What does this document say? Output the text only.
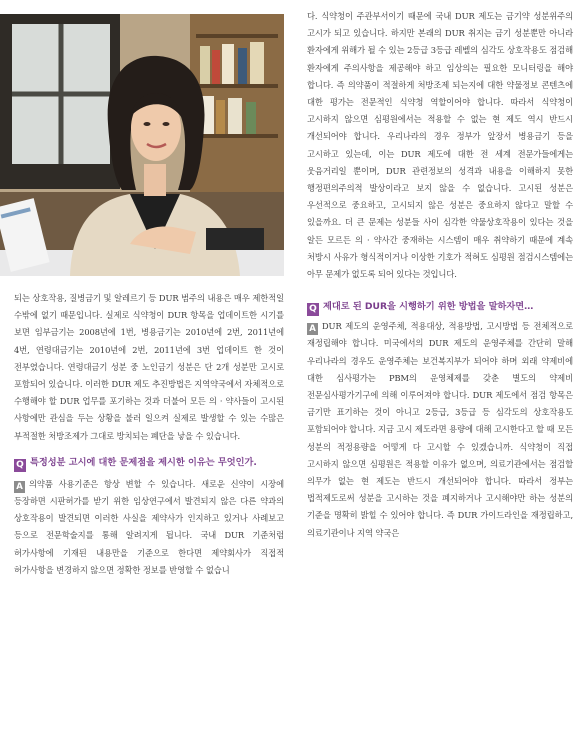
되는 상호작용, 질병금기 및 알레르기 등 DUR 범주의 내용은 매우 제한적일 수밖에 없기 때문입니다. 실제로 식약청이 DUR 항목을 업데이트한 시기를 보면 임부금기는 2008년에 1번, 병용금기는 2010년에 2번, 2011년에 4번, 연령대금기는 2010년에 2번, 2011년에 3번 업데이트 한 것이 전부였습니다. 연령대금기 성분 중 노인금기 성분은 단 2개 성분만 고시로 포함되어 있습니다. 이러한 DUR 제도 추진방법은 지역약국에서 자체적으로 수행해야 할 DUR 업무를 포기하는 것과 더불어 모든 의 · 약사들이 고시된 사항에만 관심을 두는 상황을 불러 일으켜 실제로 발생할 수 있는 수많은 부적절한 처방조제가 그대로 방치되는 폐단을 낳을 수 있습니다.

Q 특정성분 고시에 대한 문제점을 제시한 이유는 무엇인가.

A 의약품 사용기준은 항상 변할 수 있습니다. 새로운 신약이 시장에 등장하면 시판허가를 받기 위한 임상연구에서 발견되지 않은 다른 약과의 상호작용이 발견되면 이러한 사실을 제약사가 인지하고 있거나 사례보고 등으로 전문학술지를 통해 알려지게 됩니다. 국내 DUR 기준처럼 허가사항에 기재된 내용만을 기준으로 한다면 제약회사가 직접적 허가사항을 변경하지 않으면 정확한 정보를 반영할 수 없습니

다. 식약청이 주관부서이기 때문에 국내 DUR 제도는 금기약 성분위주의 고시가 되고 있습니다. 하지만 본래의 DUR 취지는 금기 성분뿐만 아니라 환자에게 위해가 될 수 있는 2등급 3등급 레벨의 심각도 상호작용도 점검해 환자에게 주의사항을 제공해야 하고 임상의는 필요한 모니터링을 해야 합니다. 즉 의약품이 적절하게 처방조제 되는지에 대한 약물정보 콘텐츠에 대한 평가는 전문적인 식약청 역할이어야 합니다. 따라서 식약청이 고시하지 않으면 심평원에서는 적용할 수 없는 현 제도 역시 반드시 개선되어야 합니다. 우리나라의 경우 정부가 앞장서 병용금기 등을 고시하고 있는데, 이는 DUR 제도에 대한 전 세계 전문가들에게는 웃음거리일 뿐이며, DUR 관련정보의 성격과 내용을 이해하지 못한 행정편의주의적 발상이라고 보지 않을 수 없습니다. 고시된 성분은 우선적으로 중요하고, 고시되지 않은 성분은 중요하지 않다고 말할 수 있을까요. 더 큰 문제는 성분들 사이 심각한 약물상호작용이 있다는 것을 알든 모르든 의 · 약사간 중재하는 시스템이 매우 취약하기 때문에 계속 처방시 사유가 형식적이거나 이상한 기호가 적혀도 심평원 점검시스템에는 아무 문제가 없도록 되어 있다는 것입니다.

Q 제대로 된 DUR을 시행하기 위한 방법을 말하자면…

A DUR 제도의 운영주체, 적용대상, 적용방법, 고시방법 등 전체적으로 재정립해야 합니다. 미국에서의 DUR 제도의 운영주체를 간단히 말해 우리나라의 경우도 운영주체는 보건복지부가 되어야 하며 외래 약제비에 대한 심사평가는 PBM의 운영체제를 갖춘 별도의 약제비 전문심사평가기구에 의해 이루어져야 합니다. DUR 제도에서 점검 항목은 금기만 표기하는 것이 아니고 2등급, 3등급 등 심각도의 상호작용도 포함되어야 합니다. 지금 고시 제도라면 용량에 대해 고시한다고 할 때 모든 성분의 적정용량을 어떻게 다 고시할 수 있겠습니까. 식약청이 직접 고시하지 않으면 심평원은 적용할 이유가 없으며, 의료기관에서는 점검할 의무가 없는 현 제도는 반드시 개선되어야 합니다. 따라서 정부는 법적제도로써 성분을 고시하는 것을 폐지하거나 고시해야만 하는 성분의 기준을 명확히 밝힐 수 있어야 합니다. 즉 DUR 가이드라인을 재정립하고, 의료기관이나 지역 약국은
